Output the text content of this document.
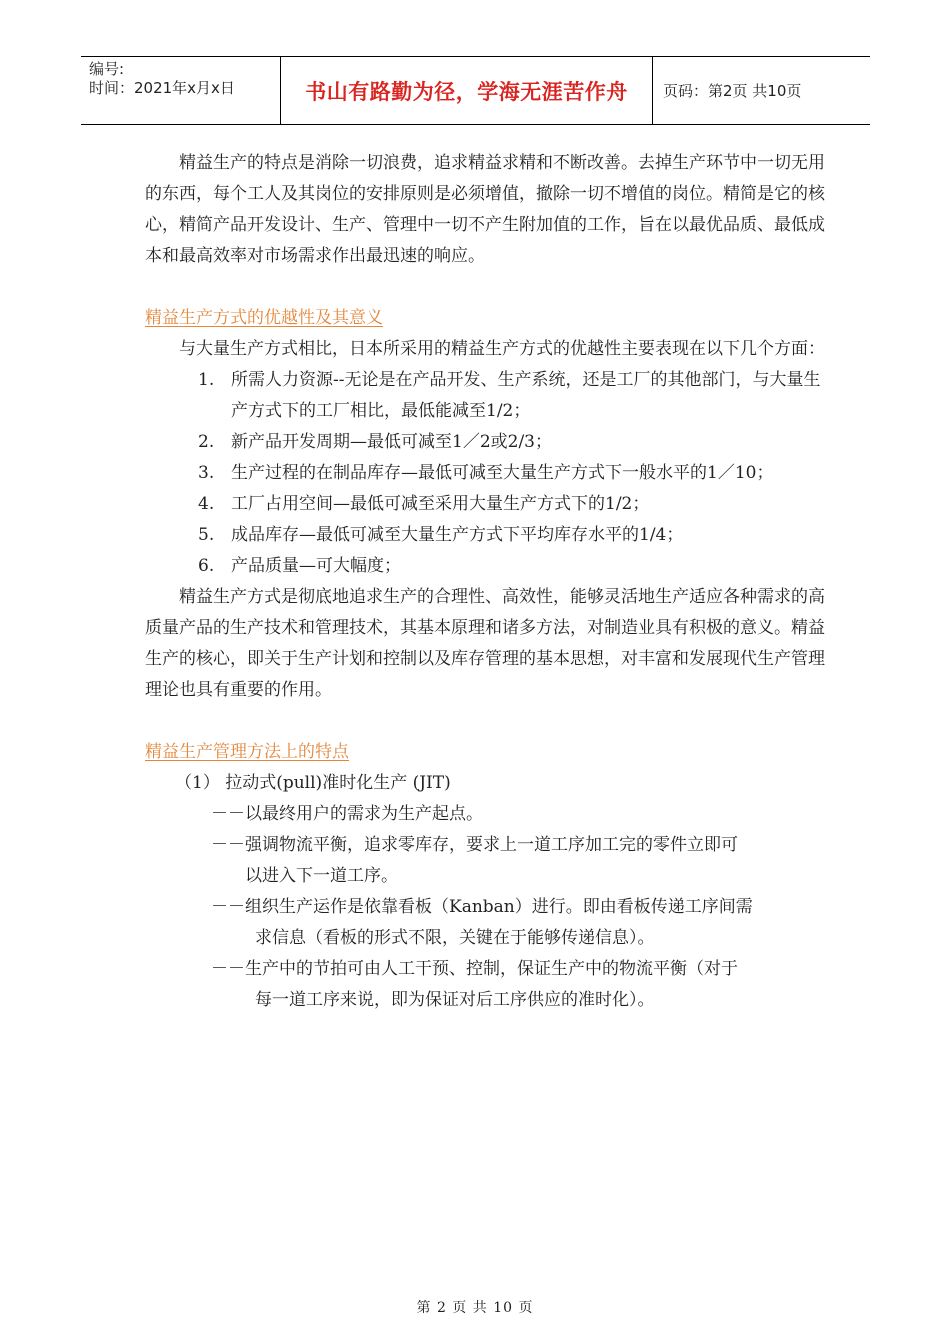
编号:
时间：2021年x月x日	书山有路勤为径，学海无涯苦作舟 页码：第2页 共10页

精益生产的特点是消除一切浪费，追求精益求精和不断改善。去掉生产环节中一切无用的东西，每个工人及其岗位的安排原则是必须增值，撤除一切不增值的岗位。精简是它的核心，精简产品开发设计、生产、管理中一切不产生附加值的工作，旨在以最优品质、最低成本和最高效率对市场需求作出最迅速的响应。

精益生产方式的优越性及其意义

与大量生产方式相比，日本所采用的精益生产方式的优越性主要表现在以下几个方面：

1. 所需人力资源--无论是在产品开发、生产系统，还是工厂的其他部门，与大量生产方式下的工厂相比，最低能减至1/2；
2. 新产品开发周期—最低可减至1／2或2/3；
3. 生产过程的在制品库存—最低可减至大量生产方式下一般水平的1／10；
4. 工厂占用空间—最低可减至采用大量生产方式下的1/2；
5. 成品库存—最低可减至大量生产方式下平均库存水平的1/4；
6. 产品质量—可大幅度；

精益生产方式是彻底地追求生产的合理性、高效性，能够灵活地生产适应各种需求的高质量产品的生产技术和管理技术，其基本原理和诸多方法，对制造业具有积极的意义。精益生产的核心，即关于生产计划和控制以及库存管理的基本思想，对丰富和发展现代生产管理理论也具有重要的作用。

精益生产管理方法上的特点

（1） 拉动式(pull)准时化生产 (JIT)

－－以最终用户的需求为生产起点。
－－强调物流平衡，追求零库存，要求上一道工序加工完的零件立即可
以进入下一道工序。
－－组织生产运作是依靠看板（Kanban）进行。即由看板传递工序间需
求信息（看板的形式不限，关键在于能够传递信息）。
－－生产中的节拍可由人工干预、控制，保证生产中的物流平衡（对于
每一道工序来说，即为保证对后工序供应的准时化）。
第 2 页 共 10 页
